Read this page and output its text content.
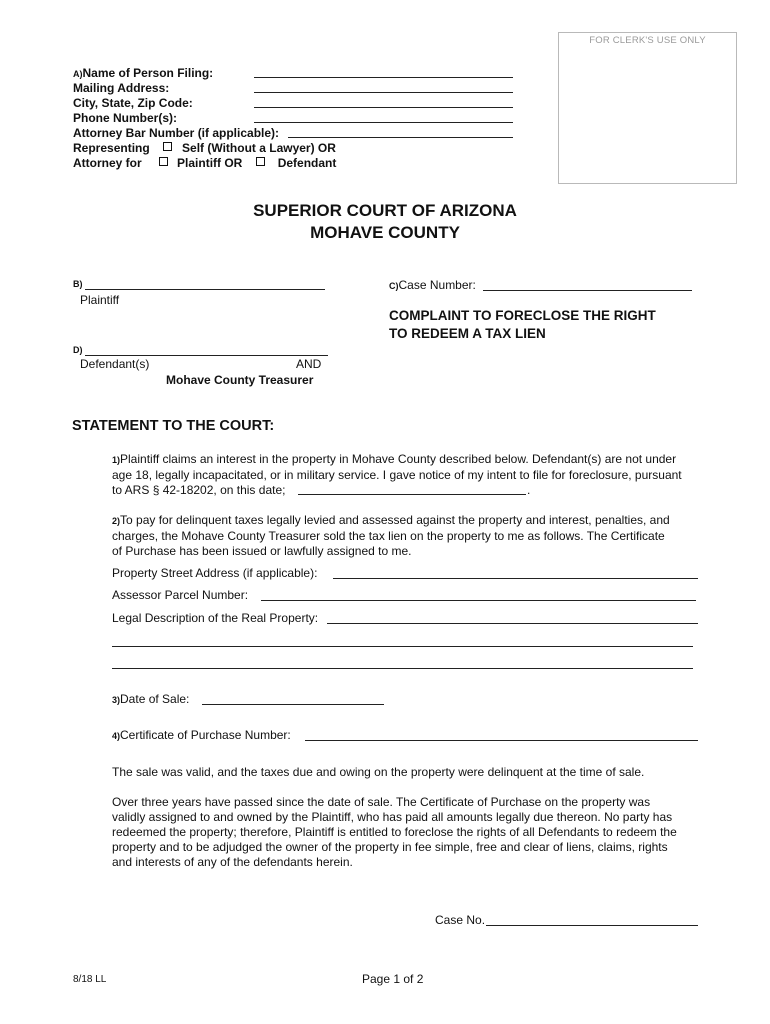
FOR CLERK'S USE ONLY
A)Name of Person Filing:
Mailing Address:
City, State, Zip Code:
Phone Number(s):
Attorney Bar Number (if applicable):
Representing	Self (Without a Lawyer) OR
Attorney for	Plaintiff OR	Defendant
SUPERIOR COURT OF ARIZONA
MOHAVE COUNTY
B)
Plaintiff
D)
Defendant(s)	AND
Mohave County Treasurer
C)Case Number:
COMPLAINT TO FORECLOSE THE RIGHT
TO REDEEM A TAX LIEN
STATEMENT TO THE COURT:
1)Plaintiff claims an interest in the property in Mohave County described below. Defendant(s) are not under
age 18, legally incapacitated, or in military service. I gave notice of my intent to file for foreclosure, pursuant
to ARS § 42-18202, on this date;	.
2)To pay for delinquent taxes legally levied and assessed against the property and interest, penalties, and
charges, the Mohave County Treasurer sold the tax lien on the property to me as follows. The Certificate
of Purchase has been issued or lawfully assigned to me.
Property Street Address (if applicable):
Assessor Parcel Number:
Legal Description of the Real Property:
3)Date of Sale:
4)Certificate of Purchase Number:
The sale was valid, and the taxes due and owing on the property were delinquent at the time of sale.
Over three years have passed since the date of sale. The Certificate of Purchase on the property was
validly assigned to and owned by the Plaintiff, who has paid all amounts legally due thereon. No party has
redeemed the property; therefore, Plaintiff is entitled to foreclose the rights of all Defendants to redeem the
property and to be adjudged the owner of the property in fee simple, free and clear of liens, claims, rights
and interests of any of the defendants herein.
Case No.
8/18 LL	Page 1 of 2
